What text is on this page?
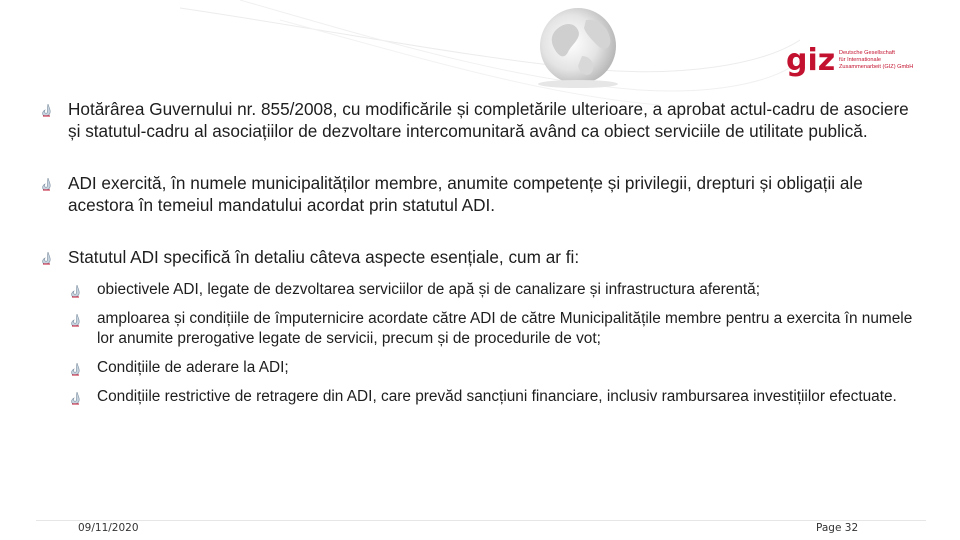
giz Deutsche Gesellschaft
für Internationale
Zusammenarbeit (GIZ) GmbH
Hotărârea Guvernului nr. 855/2008, cu modificările și completările ulterioare, a aprobat actul-cadru de asociere și statutul-cadru al asociațiilor de dezvoltare intercomunitară având ca obiect serviciile de utilitate publică.
ADI exercită, în numele municipalităților membre, anumite competențe și privilegii, drepturi și obligații ale acestora în temeiul mandatului acordat prin statutul ADI.
Statutul ADI specifică în detaliu câteva aspecte esențiale, cum ar fi:
obiectivele ADI, legate de dezvoltarea serviciilor de apă și de canalizare și infrastructura aferentă;
amploarea și condițiile de împuternicire acordate către ADI de către Municipalitățile membre pentru a exercita în numele lor anumite prerogative legate de servicii, precum și de procedurile de vot;
Condițiile de aderare la ADI;
Condițiile restrictive de retragere din ADI, care prevăd sancțiuni financiare, inclusiv rambursarea investițiilor efectuate.
09/11/2020	Page 32
